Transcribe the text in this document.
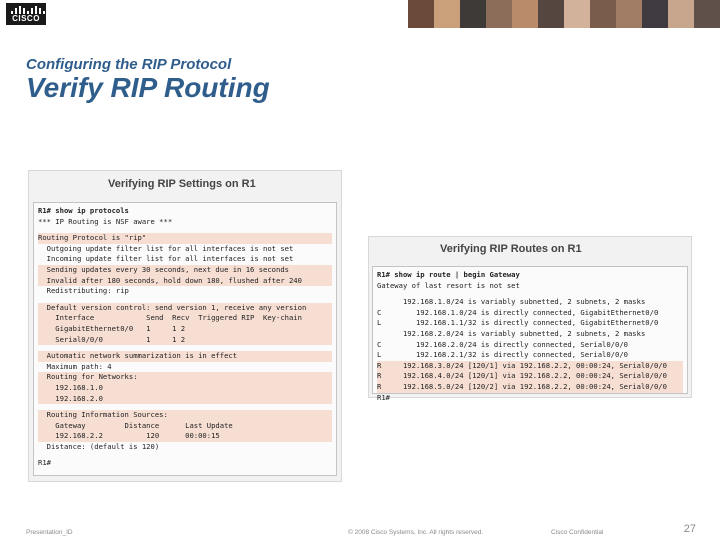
CISCO
Configuring the RIP Protocol
Verify RIP Routing
Verifying RIP Settings on R1
R1# show ip protocols
*** IP Routing is NSF aware ***
Routing Protocol is "rip"
Outgoing update filter list for all interfaces is not set
Incoming update filter list for all interfaces is not set
Sending updates every 30 seconds, next due in 16 seconds
Invalid after 180 seconds, hold down 180, flushed after 240
Redistributing: rip
Default version control: send version 1, receive any version
Interface            Send  Recv  Triggered RIP  Key-chain
GigabitEthernet0/0   1     1 2
Serial0/0/0          1     1 2
Automatic network summarization is in effect
Maximum path: 4
Routing for Networks:
192.168.1.0
192.168.2.0
Routing Information Sources:
Gateway         Distance      Last Update
192.168.2.2          120      00:00:15
Distance: (default is 120)
R1#
Verifying RIP Routes on R1
R1# show ip route | begin Gateway
Gateway of last resort is not set
192.168.1.0/24 is variably subnetted, 2 subnets, 2 masks
C        192.168.1.0/24 is directly connected, GigabitEthernet0/0
L        192.168.1.1/32 is directly connected, GigabitEthernet0/0
192.168.2.0/24 is variably subnetted, 2 subnets, 2 masks
C        192.168.2.0/24 is directly connected, Serial0/0/0
L        192.168.2.1/32 is directly connected, Serial0/0/0
R     192.168.3.0/24 [120/1] via 192.168.2.2, 00:00:24, Serial0/0/0
R     192.168.4.0/24 [120/1] via 192.168.2.2, 00:00:24, Serial0/0/0
R     192.168.5.0/24 [120/2] via 192.168.2.2, 00:00:24, Serial0/0/0
R1#
Presentation_ID	© 2008 Cisco Systems, Inc. All rights reserved.	Cisco Confidential	27
